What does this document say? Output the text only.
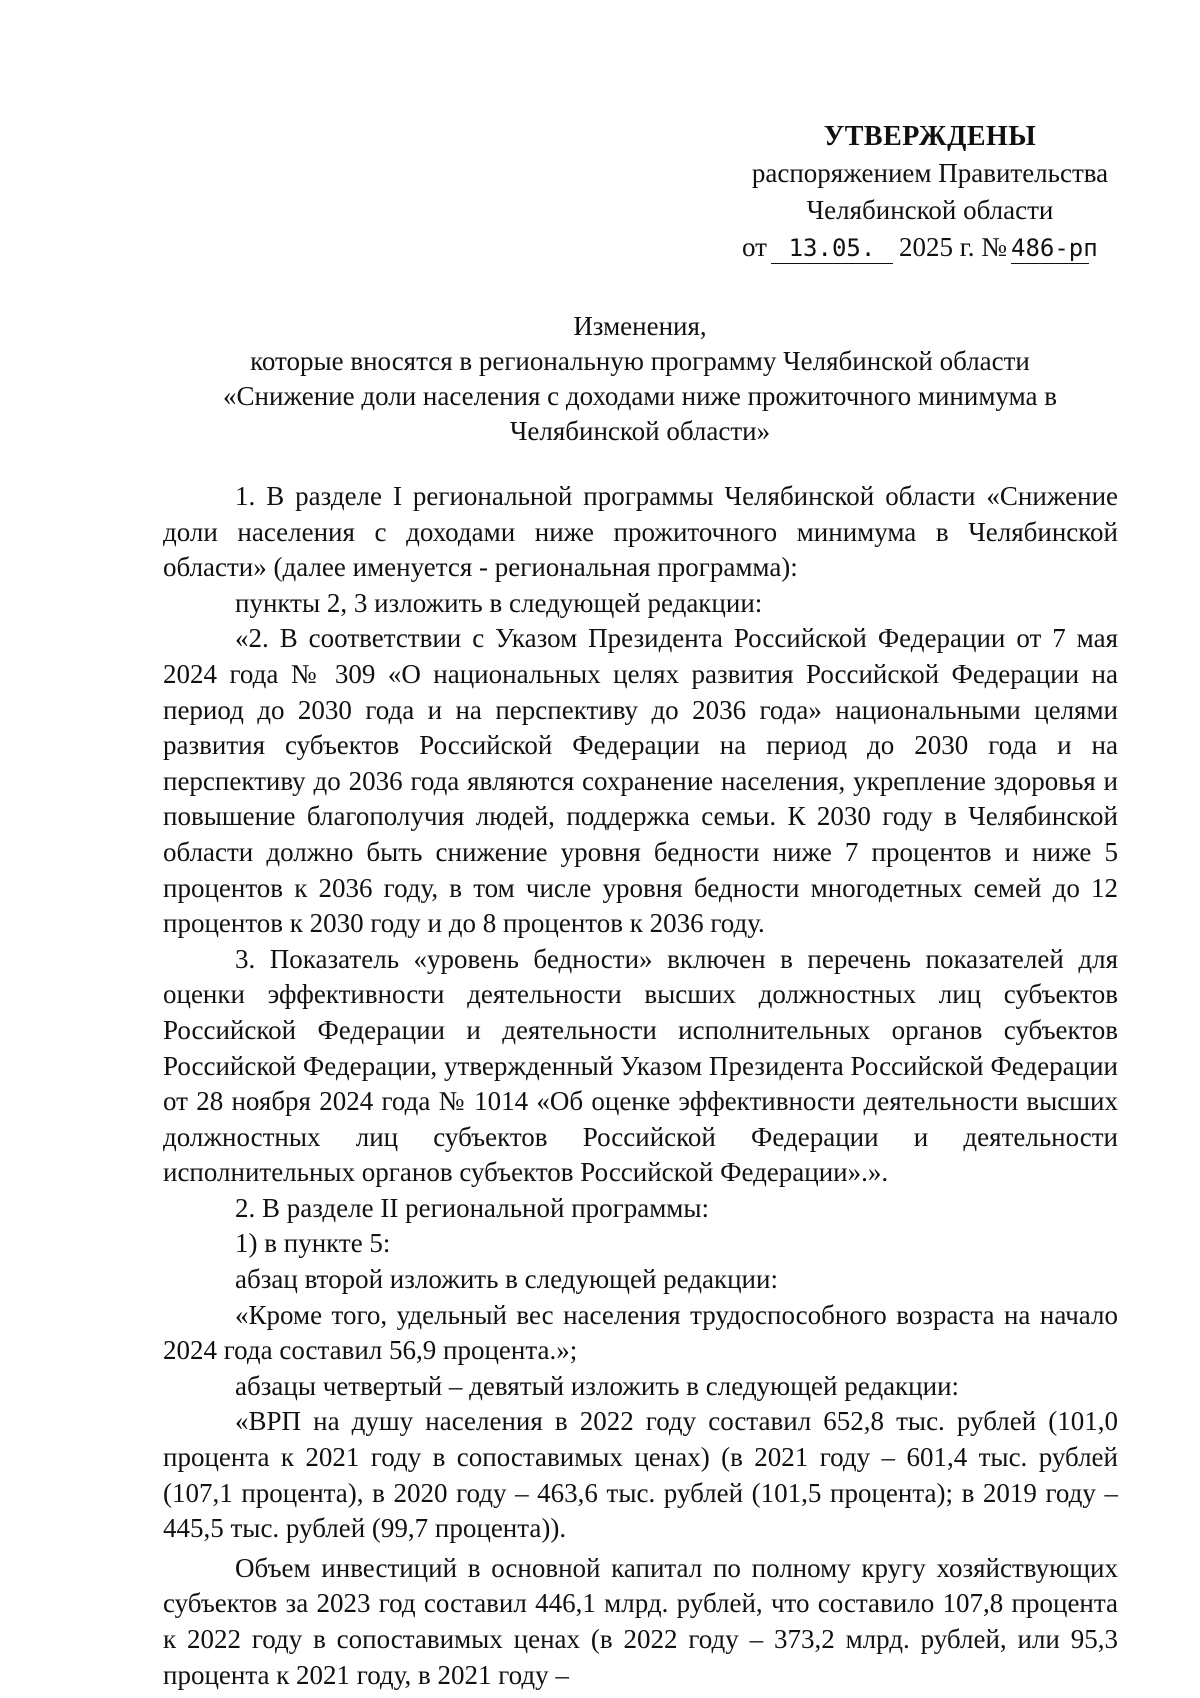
УТВЕРЖДЕНЫ
распоряжением Правительства
Челябинской области
от 13.05. 2025 г. № 486-рп
Изменения,
которые вносятся в региональную программу Челябинской области
«Снижение доли населения с доходами ниже прожиточного минимума в
Челябинской области»

1. В разделе I региональной программы Челябинской области «Снижение доли населения с доходами ниже прожиточного минимума в Челябинской области» (далее именуется - региональная программа):

пункты 2, 3 изложить в следующей редакции:

«2. В соответствии с Указом Президента Российской Федерации от 7 мая 2024 года № 309 «О национальных целях развития Российской Федерации на период до 2030 года и на перспективу до 2036 года» национальными целями развития субъектов Российской Федерации на период до 2030 года и на перспективу до 2036 года являются сохранение населения, укрепление здоровья и повышение благополучия людей, поддержка семьи. К 2030 году в Челябинской области должно быть снижение уровня бедности ниже 7 процентов и ниже 5 процентов к 2036 году, в том числе уровня бедности многодетных семей до 12 процентов к 2030 году и до 8 процентов к 2036 году.

3. Показатель «уровень бедности» включен в перечень показателей для оценки эффективности деятельности высших должностных лиц субъектов Российской Федерации и деятельности исполнительных органов субъектов Российской Федерации, утвержденный Указом Президента Российской Федерации от 28 ноября 2024 года № 1014 «Об оценке эффективности деятельности высших должностных лиц субъектов Российской Федерации и деятельности исполнительных органов субъектов Российской Федерации».».

2. В разделе II региональной программы:

1) в пункте 5:

абзац второй изложить в следующей редакции:

«Кроме того, удельный вес населения трудоспособного возраста на начало 2024 года составил 56,9 процента.»;

абзацы четвертый – девятый изложить в следующей редакции:

«ВРП на душу населения в 2022 году составил 652,8 тыс. рублей (101,0 процента к 2021 году в сопоставимых ценах) (в 2021 году – 601,4 тыс. рублей (107,1 процента), в 2020 году – 463,6 тыс. рублей (101,5 процента); в 2019 году – 445,5 тыс. рублей (99,7 процента)).

Объем инвестиций в основной капитал по полному кругу хозяйствующих субъектов за 2023 год составил 446,1 млрд. рублей, что составило 107,8 процента к 2022 году в сопоставимых ценах (в 2022 году – 373,2 млрд. рублей, или 95,3 процента к 2021 году, в 2021 году –
